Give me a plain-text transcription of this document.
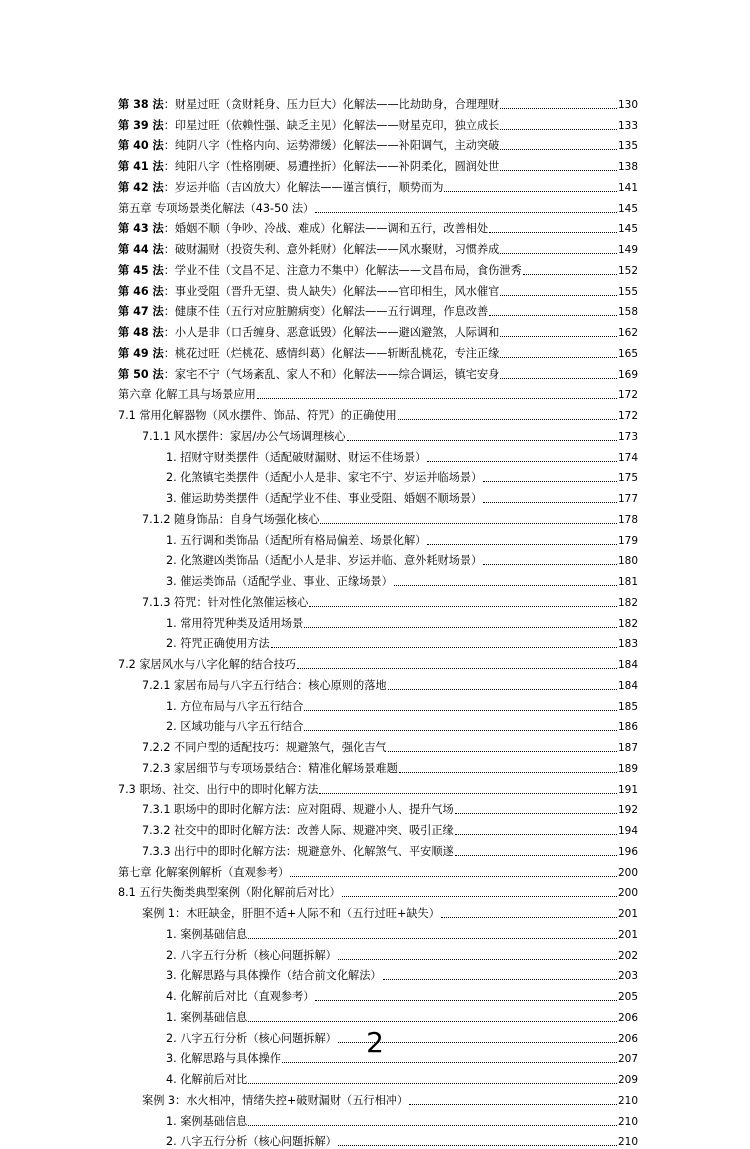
第 38 法：财星过旺（贪财耗身、压力巨大）化解法——比劫助身，合理理财	130
第 39 法：印星过旺（依赖性强、缺乏主见）化解法——财星克印，独立成长	133
第 40 法：纯阴八字（性格内向、运势滞缓）化解法——补阳调气，主动突破	135
第 41 法：纯阳八字（性格刚硬、易遭挫折）化解法——补阴柔化，圆润处世	138
第 42 法：岁运并临（吉凶放大）化解法——谨言慎行，顺势而为	141
第五章 专项场景类化解法（43-50 法）	145
第 43 法：婚姻不顺（争吵、冷战、难成）化解法——调和五行，改善相处	145
第 44 法：破财漏财（投资失利、意外耗财）化解法——风水聚财，习惯养成	149
第 45 法：学业不佳（文昌不足、注意力不集中）化解法——文昌布局，食伤泄秀	152
第 46 法：事业受阻（晋升无望、贵人缺失）化解法——官印相生，风水催官	155
第 47 法：健康不佳（五行对应脏腑病变）化解法——五行调理，作息改善	158
第 48 法：小人是非（口舌缠身、恶意诋毁）化解法——避凶避煞，人际调和	162
第 49 法：桃花过旺（烂桃花、感情纠葛）化解法——斩断乱桃花，专注正缘	165
第 50 法：家宅不宁（气场紊乱、家人不和）化解法——综合调运，镇宅安身	169
第六章 化解工具与场景应用	172
7.1 常用化解器物（风水摆件、饰品、符咒）的正确使用	172
7.1.1 风水摆件：家居/办公气场调理核心	173
1. 招财守财类摆件（适配破财漏财、财运不佳场景）	174
2. 化煞镇宅类摆件（适配小人是非、家宅不宁、岁运并临场景）	175
3. 催运助势类摆件（适配学业不佳、事业受阻、婚姻不顺场景）	177
7.1.2 随身饰品：自身气场强化核心	178
1. 五行调和类饰品（适配所有格局偏差、场景化解）	179
2. 化煞避凶类饰品（适配小人是非、岁运并临、意外耗财场景）	180
3. 催运类饰品（适配学业、事业、正缘场景）	181
7.1.3 符咒：针对性化煞催运核心	182
1. 常用符咒种类及适用场景	182
2. 符咒正确使用方法	183
7.2 家居风水与八字化解的结合技巧	184
7.2.1 家居布局与八字五行结合：核心原则的落地	184
1. 方位布局与八字五行结合	185
2. 区域功能与八字五行结合	186
7.2.2 不同户型的适配技巧：规避煞气，强化吉气	187
7.2.3 家居细节与专项场景结合：精准化解场景难题	189
7.3 职场、社交、出行中的即时化解方法	191
7.3.1 职场中的即时化解方法：应对阻碍、规避小人、提升气场	192
7.3.2 社交中的即时化解方法：改善人际、规避冲突、吸引正缘	194
7.3.3 出行中的即时化解方法：规避意外、化解煞气、平安顺遂	196
第七章 化解案例解析（直观参考）	200
8.1 五行失衡类典型案例（附化解前后对比）	200
案例 1：木旺缺金，肝胆不适+人际不和（五行过旺+缺失）	201
1. 案例基础信息	201
2. 八字五行分析（核心问题拆解）	202
3. 化解思路与具体操作（结合前文化解法）	203
4. 化解前后对比（直观参考）	205
1. 案例基础信息	206
2. 八字五行分析（核心问题拆解）	206
3. 化解思路与具体操作	207
4. 化解前后对比	209
案例 3：水火相冲，情绪失控+破财漏财（五行相冲）	210
1. 案例基础信息	210
2. 八字五行分析（核心问题拆解）	210
2
